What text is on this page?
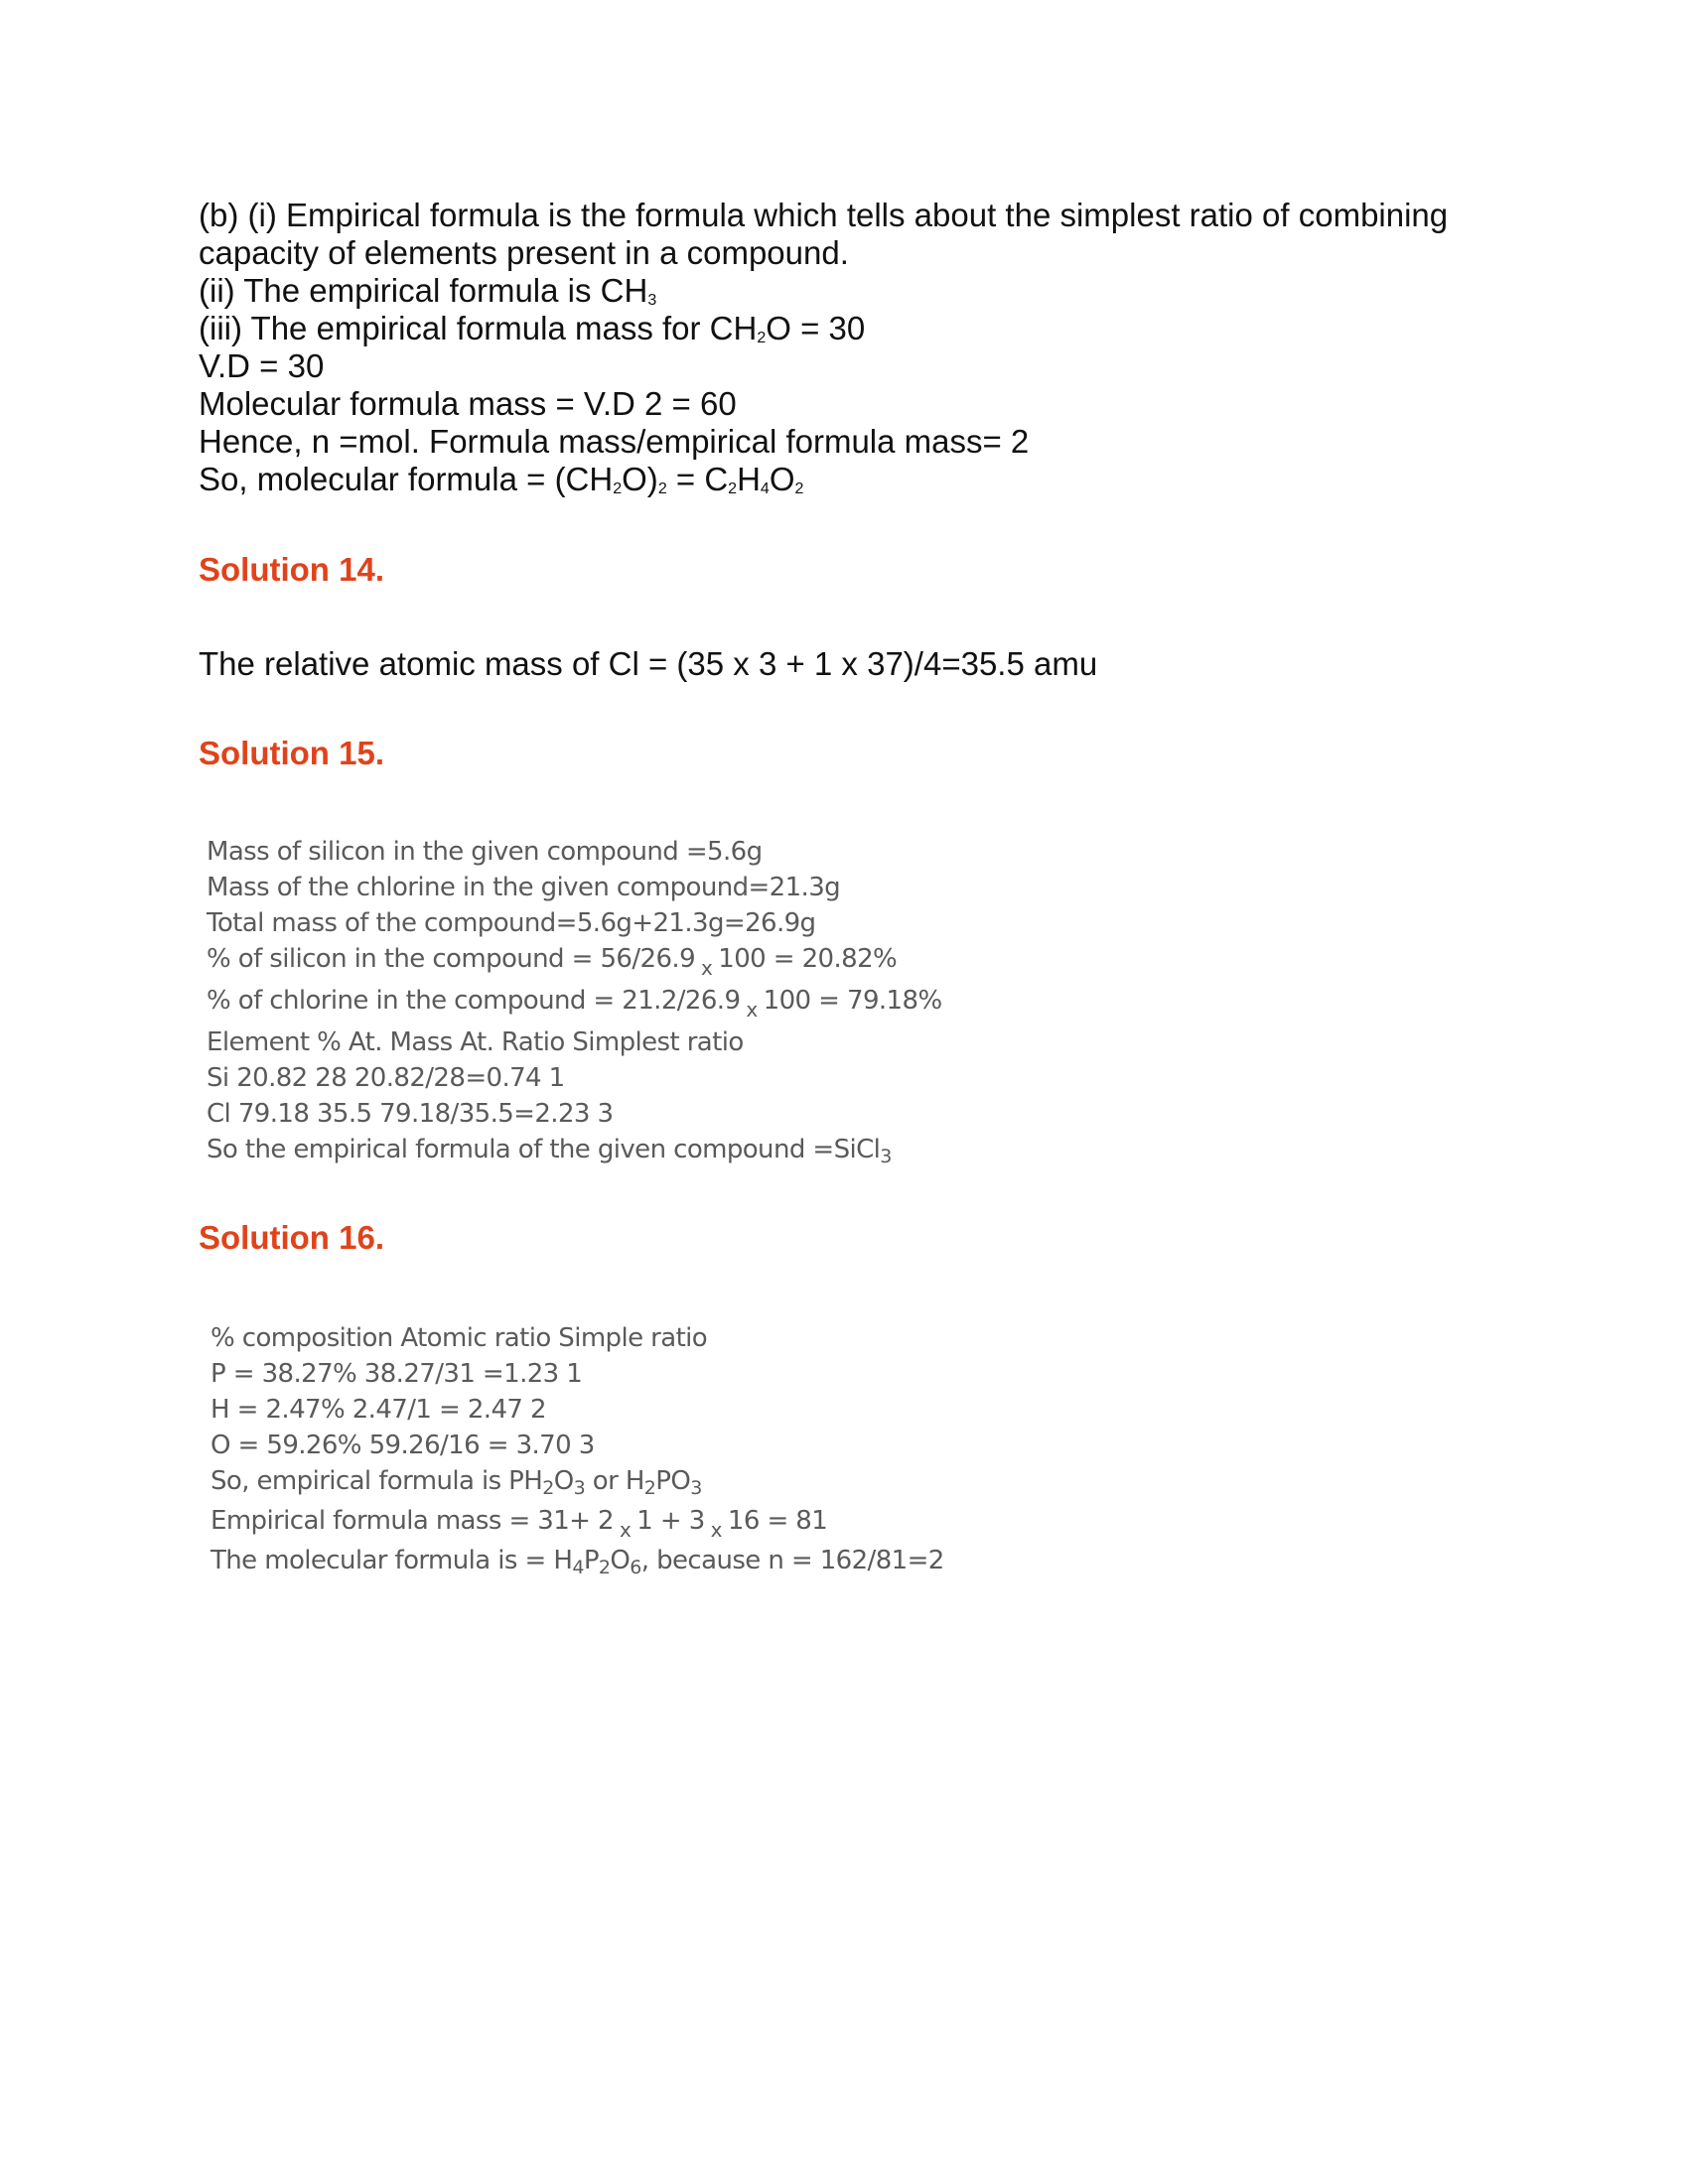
(b) (i) Empirical formula is the formula which tells about the simplest ratio of combining
capacity of elements present in a compound.
(ii) The empirical formula is $CH_3$
(iii) The empirical formula mass for $CH_2O = 30$
V.D = 30
Molecular formula mass = V.D 2 = 60
Hence, n =mol. Formula mass/empirical formula mass= 2
So, molecular formula = $(CH_2O)_2 = C_2H_4O_2$
Solution 14.
The relative atomic mass of Cl = (35 x 3 + 1 x 37)/4=35.5 amu
Solution 15.
Mass of silicon in the given compound =5.6g
Mass of the chlorine in the given compound=21.3g
Total mass of the compound=5.6g+21.3g=26.9g
% of silicon in the compound = 56/26.9 $_x$ 100 = 20.82%
% of chlorine in the compound = 21.2/26.9 $_x$ 100 = 79.18%
Element % At. Mass At. Ratio Simplest ratio
Si 20.82 28 20.82/28=0.74 1
Cl 79.18 35.5 79.18/35.5=2.23 3
So the empirical formula of the given compound =SiCl$_3$
Solution 16.
% composition Atomic ratio Simple ratio
P = 38.27% 38.27/31 =1.23 1
H = 2.47% 2.47/1 = 2.47 2
O = 59.26% 59.26/16 = 3.70 3
So, empirical formula is $PH_2O_3$ or $H_2PO_3$
Empirical formula mass = 31+ 2 $_x$ 1 + 3 $_x$ 16 = 81
The molecular formula is = $H_4P_2O_6$, because n = 162/81=2
